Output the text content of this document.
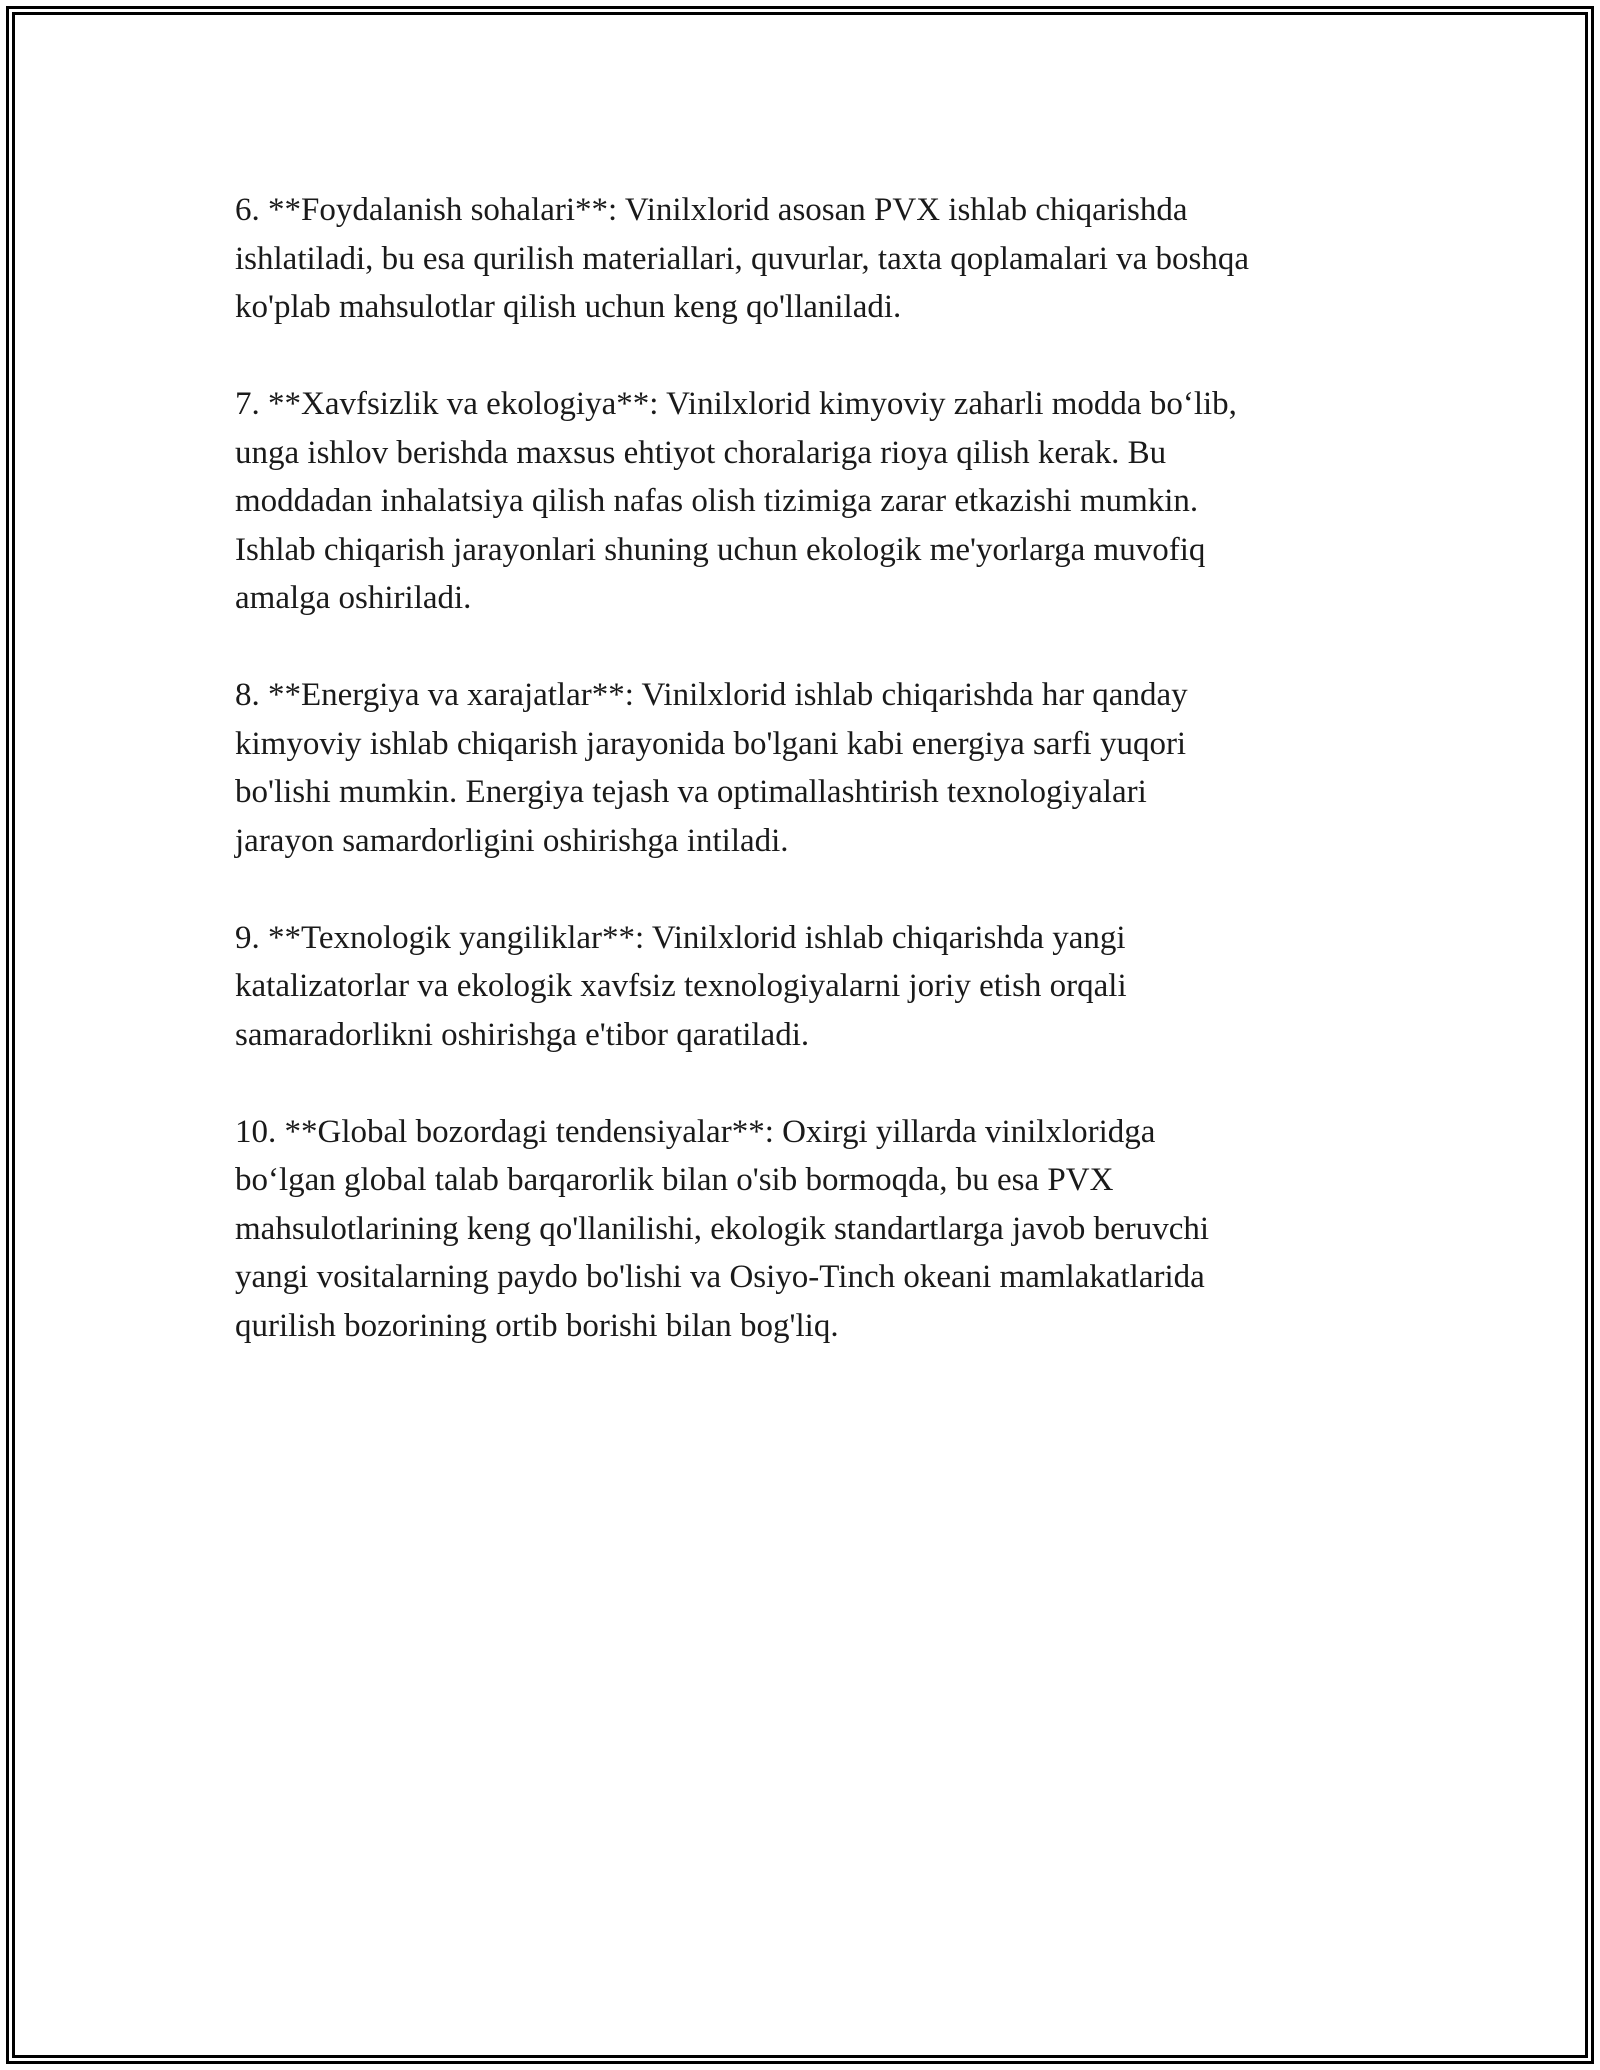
6. **Foydalanish sohalari**: Vinilxlorid asosan PVX ishlab chiqarishda
ishlatiladi, bu esa qurilish materiallari, quvurlar, taxta qoplamalari va boshqa
ko'plab mahsulotlar qilish uchun keng qo'llaniladi.

7. **Xavfsizlik va ekologiya**: Vinilxlorid kimyoviy zaharli modda bo‘lib,
unga ishlov berishda maxsus ehtiyot choralariga rioya qilish kerak. Bu
moddadan inhalatsiya qilish nafas olish tizimiga zarar etkazishi mumkin.
Ishlab chiqarish jarayonlari shuning uchun ekologik me'yorlarga muvofiq
amalga oshiriladi.

8. **Energiya va xarajatlar**: Vinilxlorid ishlab chiqarishda har qanday
kimyoviy ishlab chiqarish jarayonida bo'lgani kabi energiya sarfi yuqori
bo'lishi mumkin. Energiya tejash va optimallashtirish texnologiyalari
jarayon samardorligini oshirishga intiladi.

9. **Texnologik yangiliklar**: Vinilxlorid ishlab chiqarishda yangi
katalizatorlar va ekologik xavfsiz texnologiyalarni joriy etish orqali
samaradorlikni oshirishga e'tibor qaratiladi.

10. **Global bozordagi tendensiyalar**: Oxirgi yillarda vinilxloridga
bo‘lgan global talab barqarorlik bilan o'sib bormoqda, bu esa PVX
mahsulotlarining keng qo'llanilishi, ekologik standartlarga javob beruvchi
yangi vositalarning paydo bo'lishi va Osiyo-Tinch okeani mamlakatlarida
qurilish bozorining ortib borishi bilan bog'liq.
